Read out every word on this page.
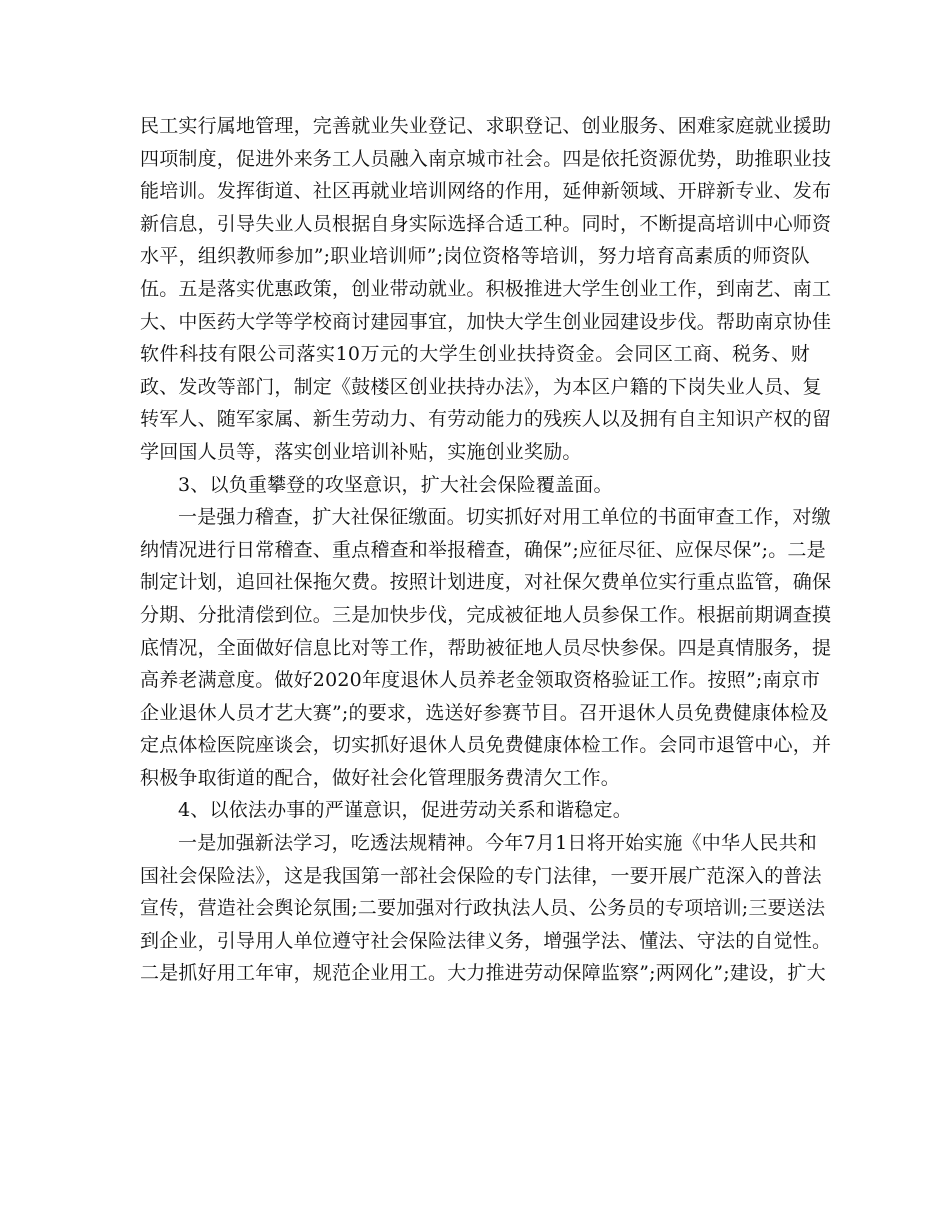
民工实行属地管理，完善就业失业登记、求职登记、创业服务、困难家庭就业援助
四项制度，促进外来务工人员融入南京城市社会。四是依托资源优势，助推职业技
能培训。发挥街道、社区再就业培训网络的作用，延伸新领域、开辟新专业、发布
新信息，引导失业人员根据自身实际选择合适工种。同时，不断提高培训中心师资
水平，组织教师参加”;职业培训师”;岗位资格等培训，努力培育高素质的师资队
伍。五是落实优惠政策，创业带动就业。积极推进大学生创业工作，到南艺、南工
大、中医药大学等学校商讨建园事宜，加快大学生创业园建设步伐。帮助南京协佳
软件科技有限公司落实10万元的大学生创业扶持资金。会同区工商、税务、财
政、发改等部门，制定《鼓楼区创业扶持办法》，为本区户籍的下岗失业人员、复
转军人、随军家属、新生劳动力、有劳动能力的残疾人以及拥有自主知识产权的留
学回国人员等，落实创业培训补贴，实施创业奖励。
3、以负重攀登的攻坚意识，扩大社会保险覆盖面。
一是强力稽查，扩大社保征缴面。切实抓好对用工单位的书面审查工作，对缴
纳情况进行日常稽查、重点稽查和举报稽查，确保”;应征尽征、应保尽保”;。二是
制定计划，追回社保拖欠费。按照计划进度，对社保欠费单位实行重点监管，确保
分期、分批清偿到位。三是加快步伐，完成被征地人员参保工作。根据前期调查摸
底情况，全面做好信息比对等工作，帮助被征地人员尽快参保。四是真情服务，提
高养老满意度。做好2020年度退休人员养老金领取资格验证工作。按照”;南京市
企业退休人员才艺大赛”;的要求，选送好参赛节目。召开退休人员免费健康体检及
定点体检医院座谈会，切实抓好退休人员免费健康体检工作。会同市退管中心，并
积极争取街道的配合，做好社会化管理服务费清欠工作。
4、以依法办事的严谨意识，促进劳动关系和谐稳定。
一是加强新法学习，吃透法规精神。今年7月1日将开始实施《中华人民共和
国社会保险法》，这是我国第一部社会保险的专门法律，一要开展广范深入的普法
宣传，营造社会舆论氛围;二要加强对行政执法人员、公务员的专项培训;三要送法
到企业，引导用人单位遵守社会保险法律义务，增强学法、懂法、守法的自觉性。
二是抓好用工年审，规范企业用工。大力推进劳动保障监察”;两网化”;建设，扩大
